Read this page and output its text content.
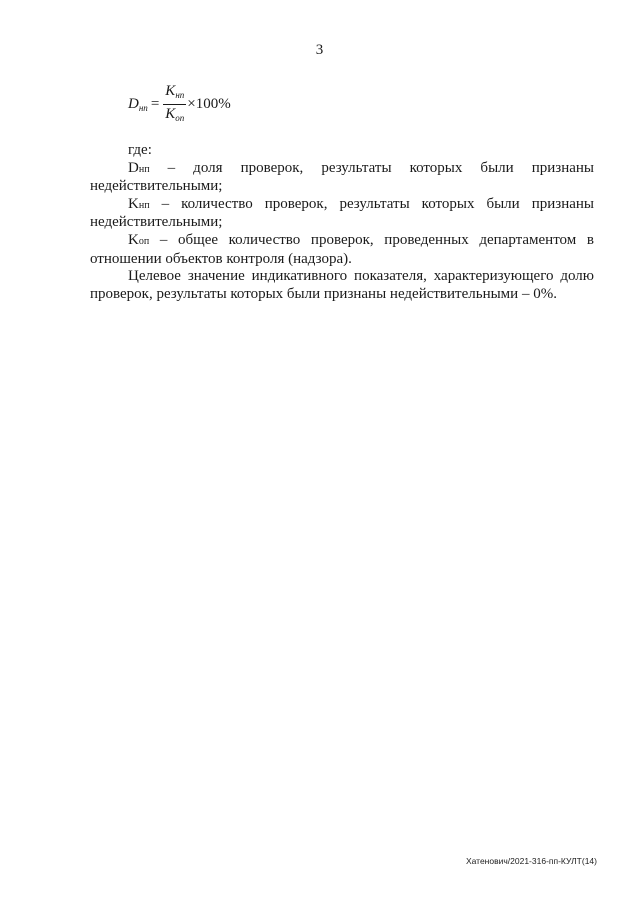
3
$D_{нп} = \frac{K_{нп}}{K_{оп}} \times 100\%$

где:

Dнп – доля проверок, результаты которых были признаны недействительными;

Kнп – количество проверок, результаты которых были признаны недействительными;

Kоп – общее количество проверок, проведенных департаментом в отношении объектов контроля (надзора).

Целевое значение индикативного показателя, характеризующего долю проверок, результаты которых были признаны недействительными – 0%.

Хатенович/2021-316-пп-КУЛТ(14)
